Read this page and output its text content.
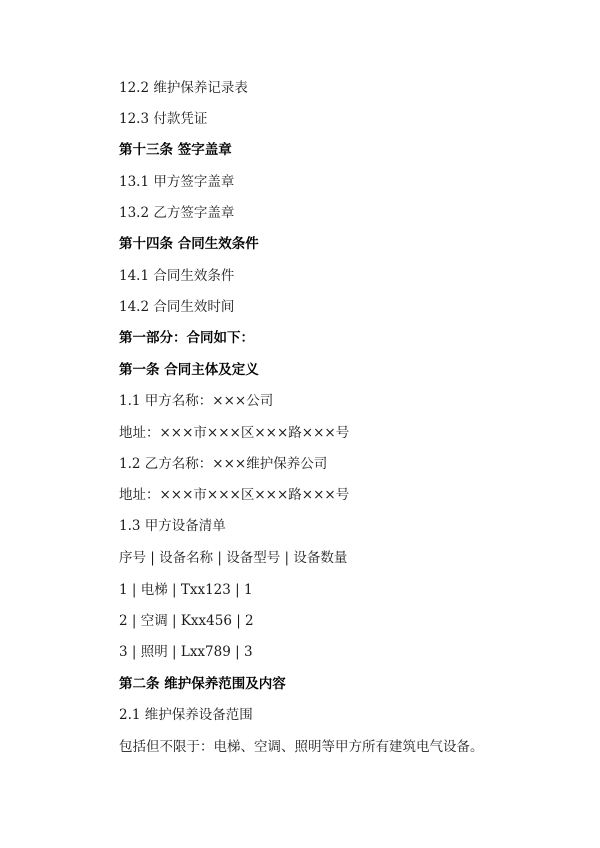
12.2 维护保养记录表
12.3 付款凭证
第十三条 签字盖章
13.1 甲方签字盖章
13.2 乙方签字盖章
第十四条 合同生效条件
14.1 合同生效条件
14.2 合同生效时间
第一部分：合同如下：
第一条 合同主体及定义
1.1 甲方名称：×××公司
地址：×××市×××区×××路×××号
1.2 乙方名称：×××维护保养公司
地址：×××市×××区×××路×××号
1.3 甲方设备清单
序号 | 设备名称 | 设备型号 | 设备数量
1 | 电梯 | Txx123 | 1
2 | 空调 | Kxx456 | 2
3 | 照明 | Lxx789 | 3
第二条 维护保养范围及内容
2.1 维护保养设备范围
包括但不限于：电梯、空调、照明等甲方所有建筑电气设备。
